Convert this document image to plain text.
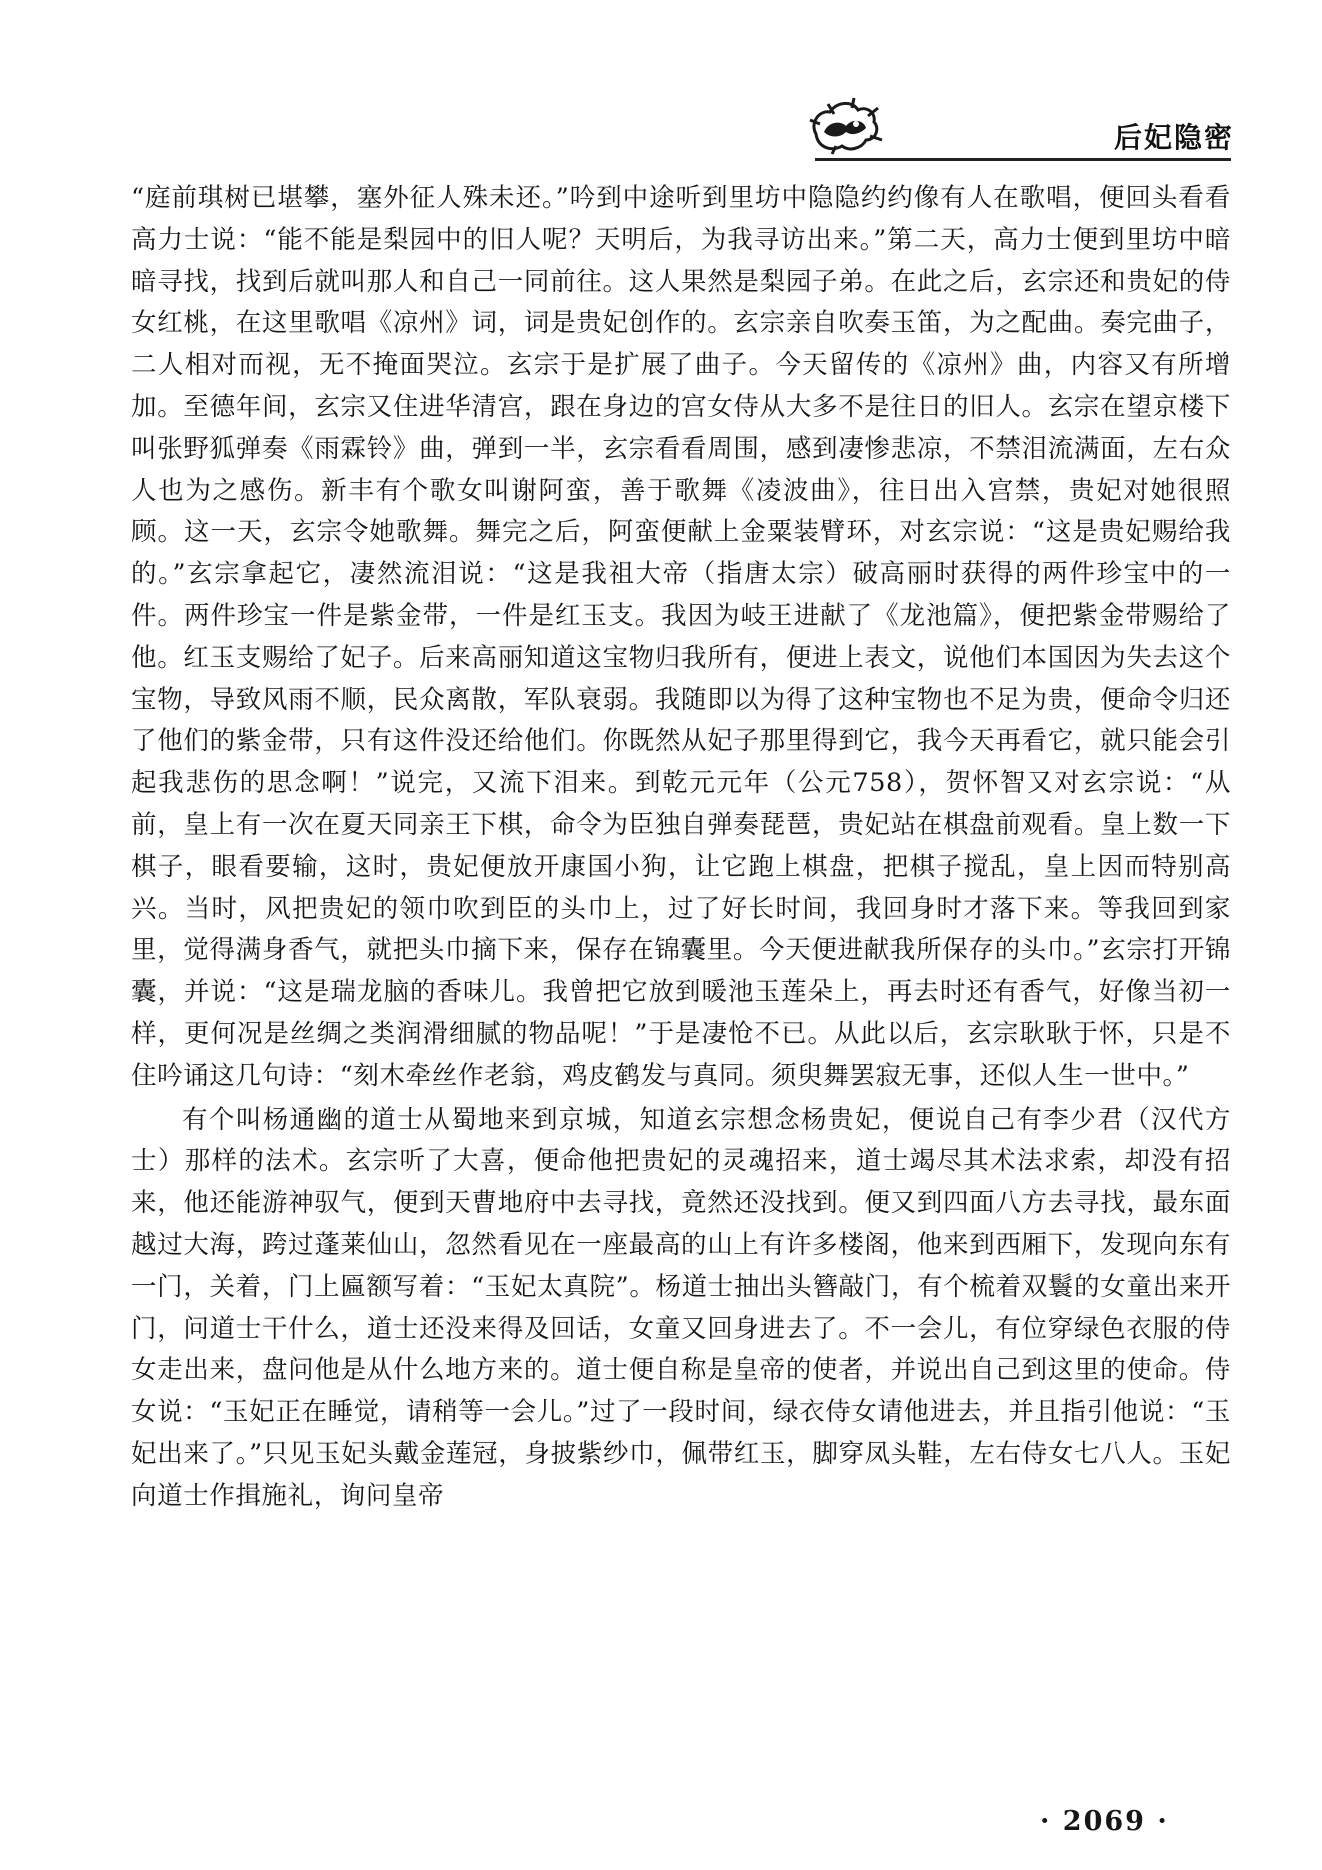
后妃隐密

“庭前琪树已堪攀，塞外征人殊未还。”吟到中途听到里坊中隐隐约约像有人在歌唱，便回头看看高力士说：“能不能是梨园中的旧人呢？天明后，为我寻访出来。”第二天，高力士便到里坊中暗暗寻找，找到后就叫那人和自己一同前往。这人果然是梨园子弟。在此之后，玄宗还和贵妃的侍女红桃，在这里歌唱《凉州》词，词是贵妃创作的。玄宗亲自吹奏玉笛，为之配曲。奏完曲子，二人相对而视，无不掩面哭泣。玄宗于是扩展了曲子。今天留传的《凉州》曲，内容又有所增加。至德年间，玄宗又住进华清宫，跟在身边的宫女侍从大多不是往日的旧人。玄宗在望京楼下叫张野狐弹奏《雨霖铃》曲，弹到一半，玄宗看看周围，感到凄惨悲凉，不禁泪流满面，左右众人也为之感伤。新丰有个歌女叫谢阿蛮，善于歌舞《凌波曲》，往日出入宫禁，贵妃对她很照顾。这一天，玄宗令她歌舞。舞完之后，阿蛮便献上金粟装臂环，对玄宗说：“这是贵妃赐给我的。”玄宗拿起它，凄然流泪说：“这是我祖大帝（指唐太宗）破高丽时获得的两件珍宝中的一件。两件珍宝一件是紫金带，一件是红玉支。我因为岐王进献了《龙池篇》，便把紫金带赐给了他。红玉支赐给了妃子。后来高丽知道这宝物归我所有，便进上表文，说他们本国因为失去这个宝物，导致风雨不顺，民众离散，军队衰弱。我随即以为得了这种宝物也不足为贵，便命令归还了他们的紫金带，只有这件没还给他们。你既然从妃子那里得到它，我今天再看它，就只能会引起我悲伤的思念啊！”说完，又流下泪来。到乾元元年（公元758），贺怀智又对玄宗说：“从前，皇上有一次在夏天同亲王下棋，命令为臣独自弹奏琵琶，贵妃站在棋盘前观看。皇上数一下棋子，眼看要输，这时，贵妃便放开康国小狗，让它跑上棋盘，把棋子搅乱，皇上因而特别高兴。当时，风把贵妃的领巾吹到臣的头巾上，过了好长时间，我回身时才落下来。等我回到家里，觉得满身香气，就把头巾摘下来，保存在锦囊里。今天便进献我所保存的头巾。”玄宗打开锦囊，并说：“这是瑞龙脑的香味儿。我曾把它放到暖池玉莲朵上，再去时还有香气，好像当初一样，更何况是丝绸之类润滑细腻的物品呢！”于是凄怆不已。从此以后，玄宗耿耿于怀，只是不住吟诵这几句诗：“刻木牵丝作老翁，鸡皮鹤发与真同。须臾舞罢寂无事，还似人生一世中。”

有个叫杨通幽的道士从蜀地来到京城，知道玄宗想念杨贵妃，便说自己有李少君（汉代方士）那样的法术。玄宗听了大喜，便命他把贵妃的灵魂招来，道士竭尽其术法求索，却没有招来，他还能游神驭气，便到天曹地府中去寻找，竟然还没找到。便又到四面八方去寻找，最东面越过大海，跨过蓬莱仙山，忽然看见在一座最高的山上有许多楼阁，他来到西厢下，发现向东有一门，关着，门上匾额写着：“玉妃太真院”。杨道士抽出头簪敲门，有个梳着双鬟的女童出来开门，问道士干什么，道士还没来得及回话，女童又回身进去了。不一会儿，有位穿绿色衣服的侍女走出来，盘问他是从什么地方来的。道士便自称是皇帝的使者，并说出自己到这里的使命。侍女说：“玉妃正在睡觉，请稍等一会儿。”过了一段时间，绿衣侍女请他进去，并且指引他说：“玉妃出来了。”只见玉妃头戴金莲冠，身披紫纱巾，佩带红玉，脚穿凤头鞋，左右侍女七八人。玉妃向道士作揖施礼，询问皇帝

· 2069 ·
